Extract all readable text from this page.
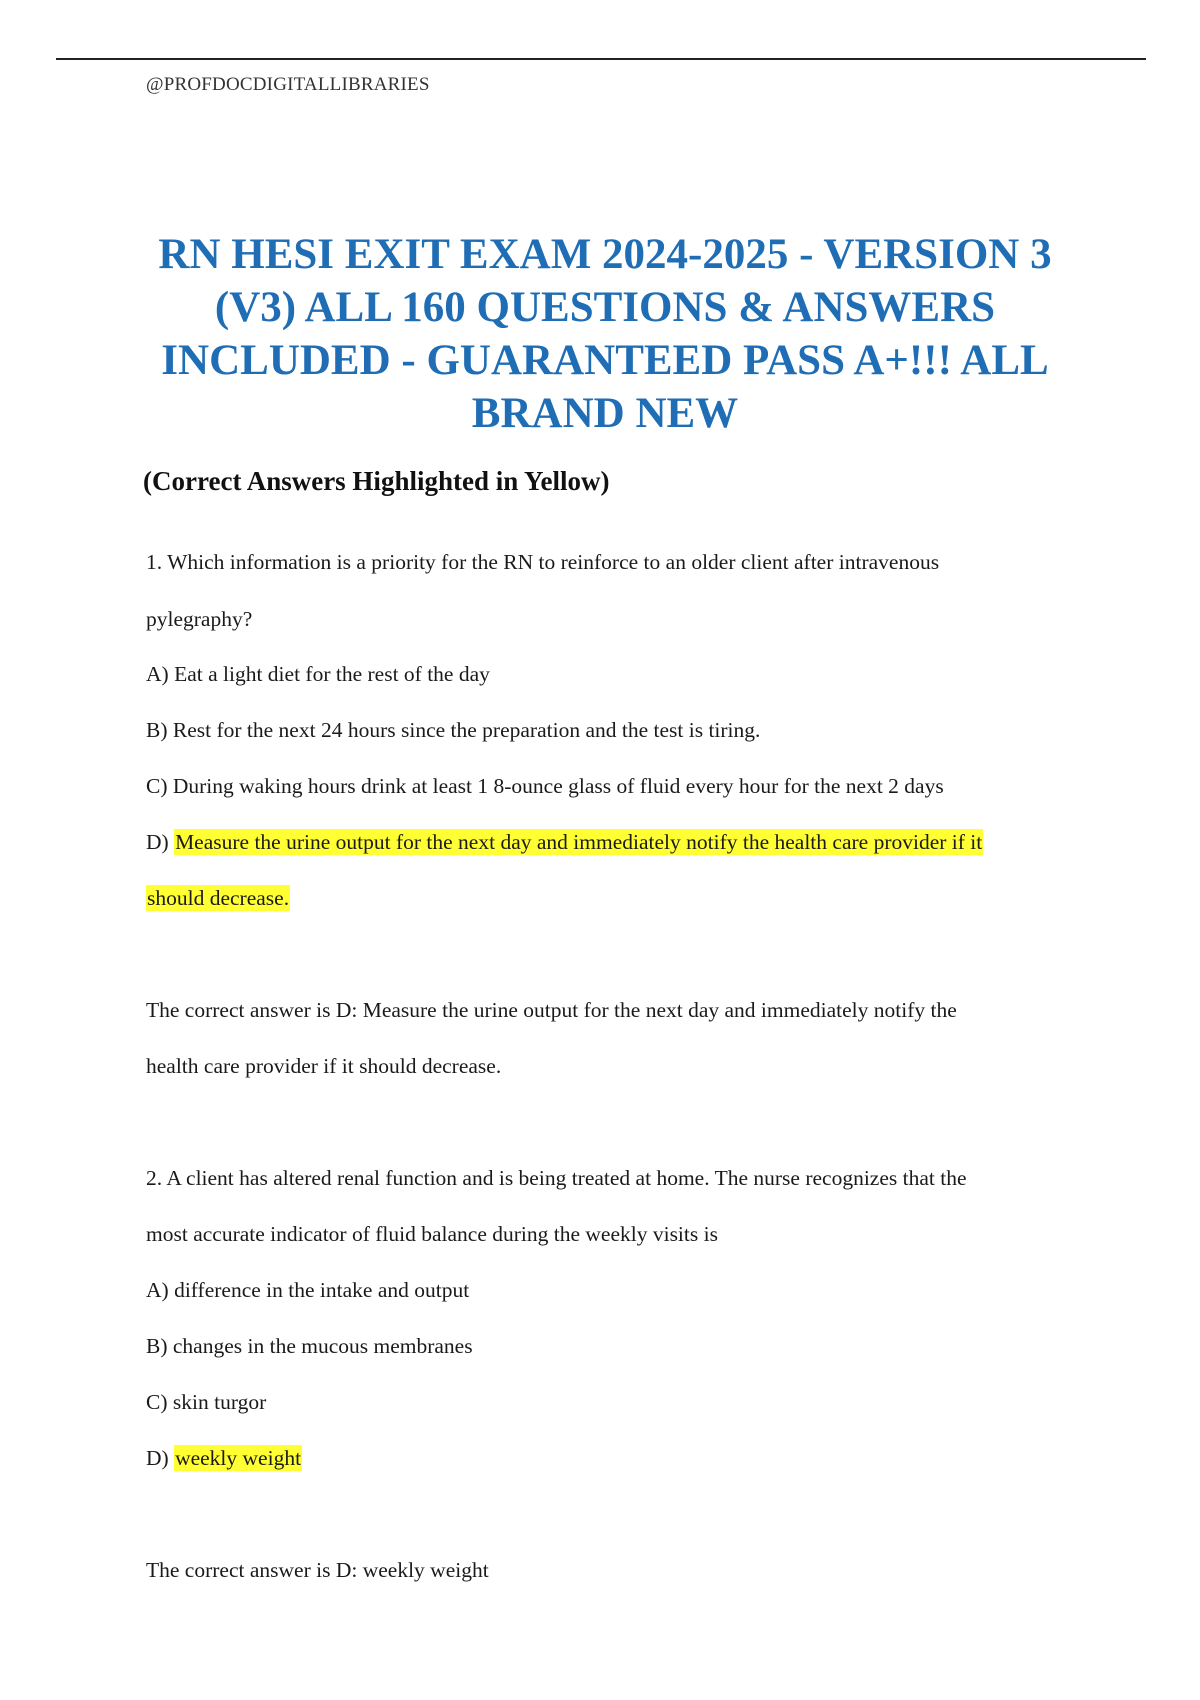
@PROFDOCDIGITALLIBRARIES
RN HESI EXIT EXAM 2024-2025 - VERSION 3
(V3) ALL 160 QUESTIONS & ANSWERS
INCLUDED - GUARANTEED PASS A+!!! ALL
BRAND NEW
(Correct Answers Highlighted in Yellow)
1. Which information is a priority for the RN to reinforce to an older client after intravenous
pylegraphy?
A) Eat a light diet for the rest of the day
B) Rest for the next 24 hours since the preparation and the test is tiring.
C) During waking hours drink at least 1 8-ounce glass of fluid every hour for the next 2 days
D) Measure the urine output for the next day and immediately notify the health care provider if it
should decrease.
The correct answer is D: Measure the urine output for the next day and immediately notify the
health care provider if it should decrease.
2. A client has altered renal function and is being treated at home. The nurse recognizes that the
most accurate indicator of fluid balance during the weekly visits is
A) difference in the intake and output
B) changes in the mucous membranes
C) skin turgor
D) weekly weight
The correct answer is D: weekly weight
